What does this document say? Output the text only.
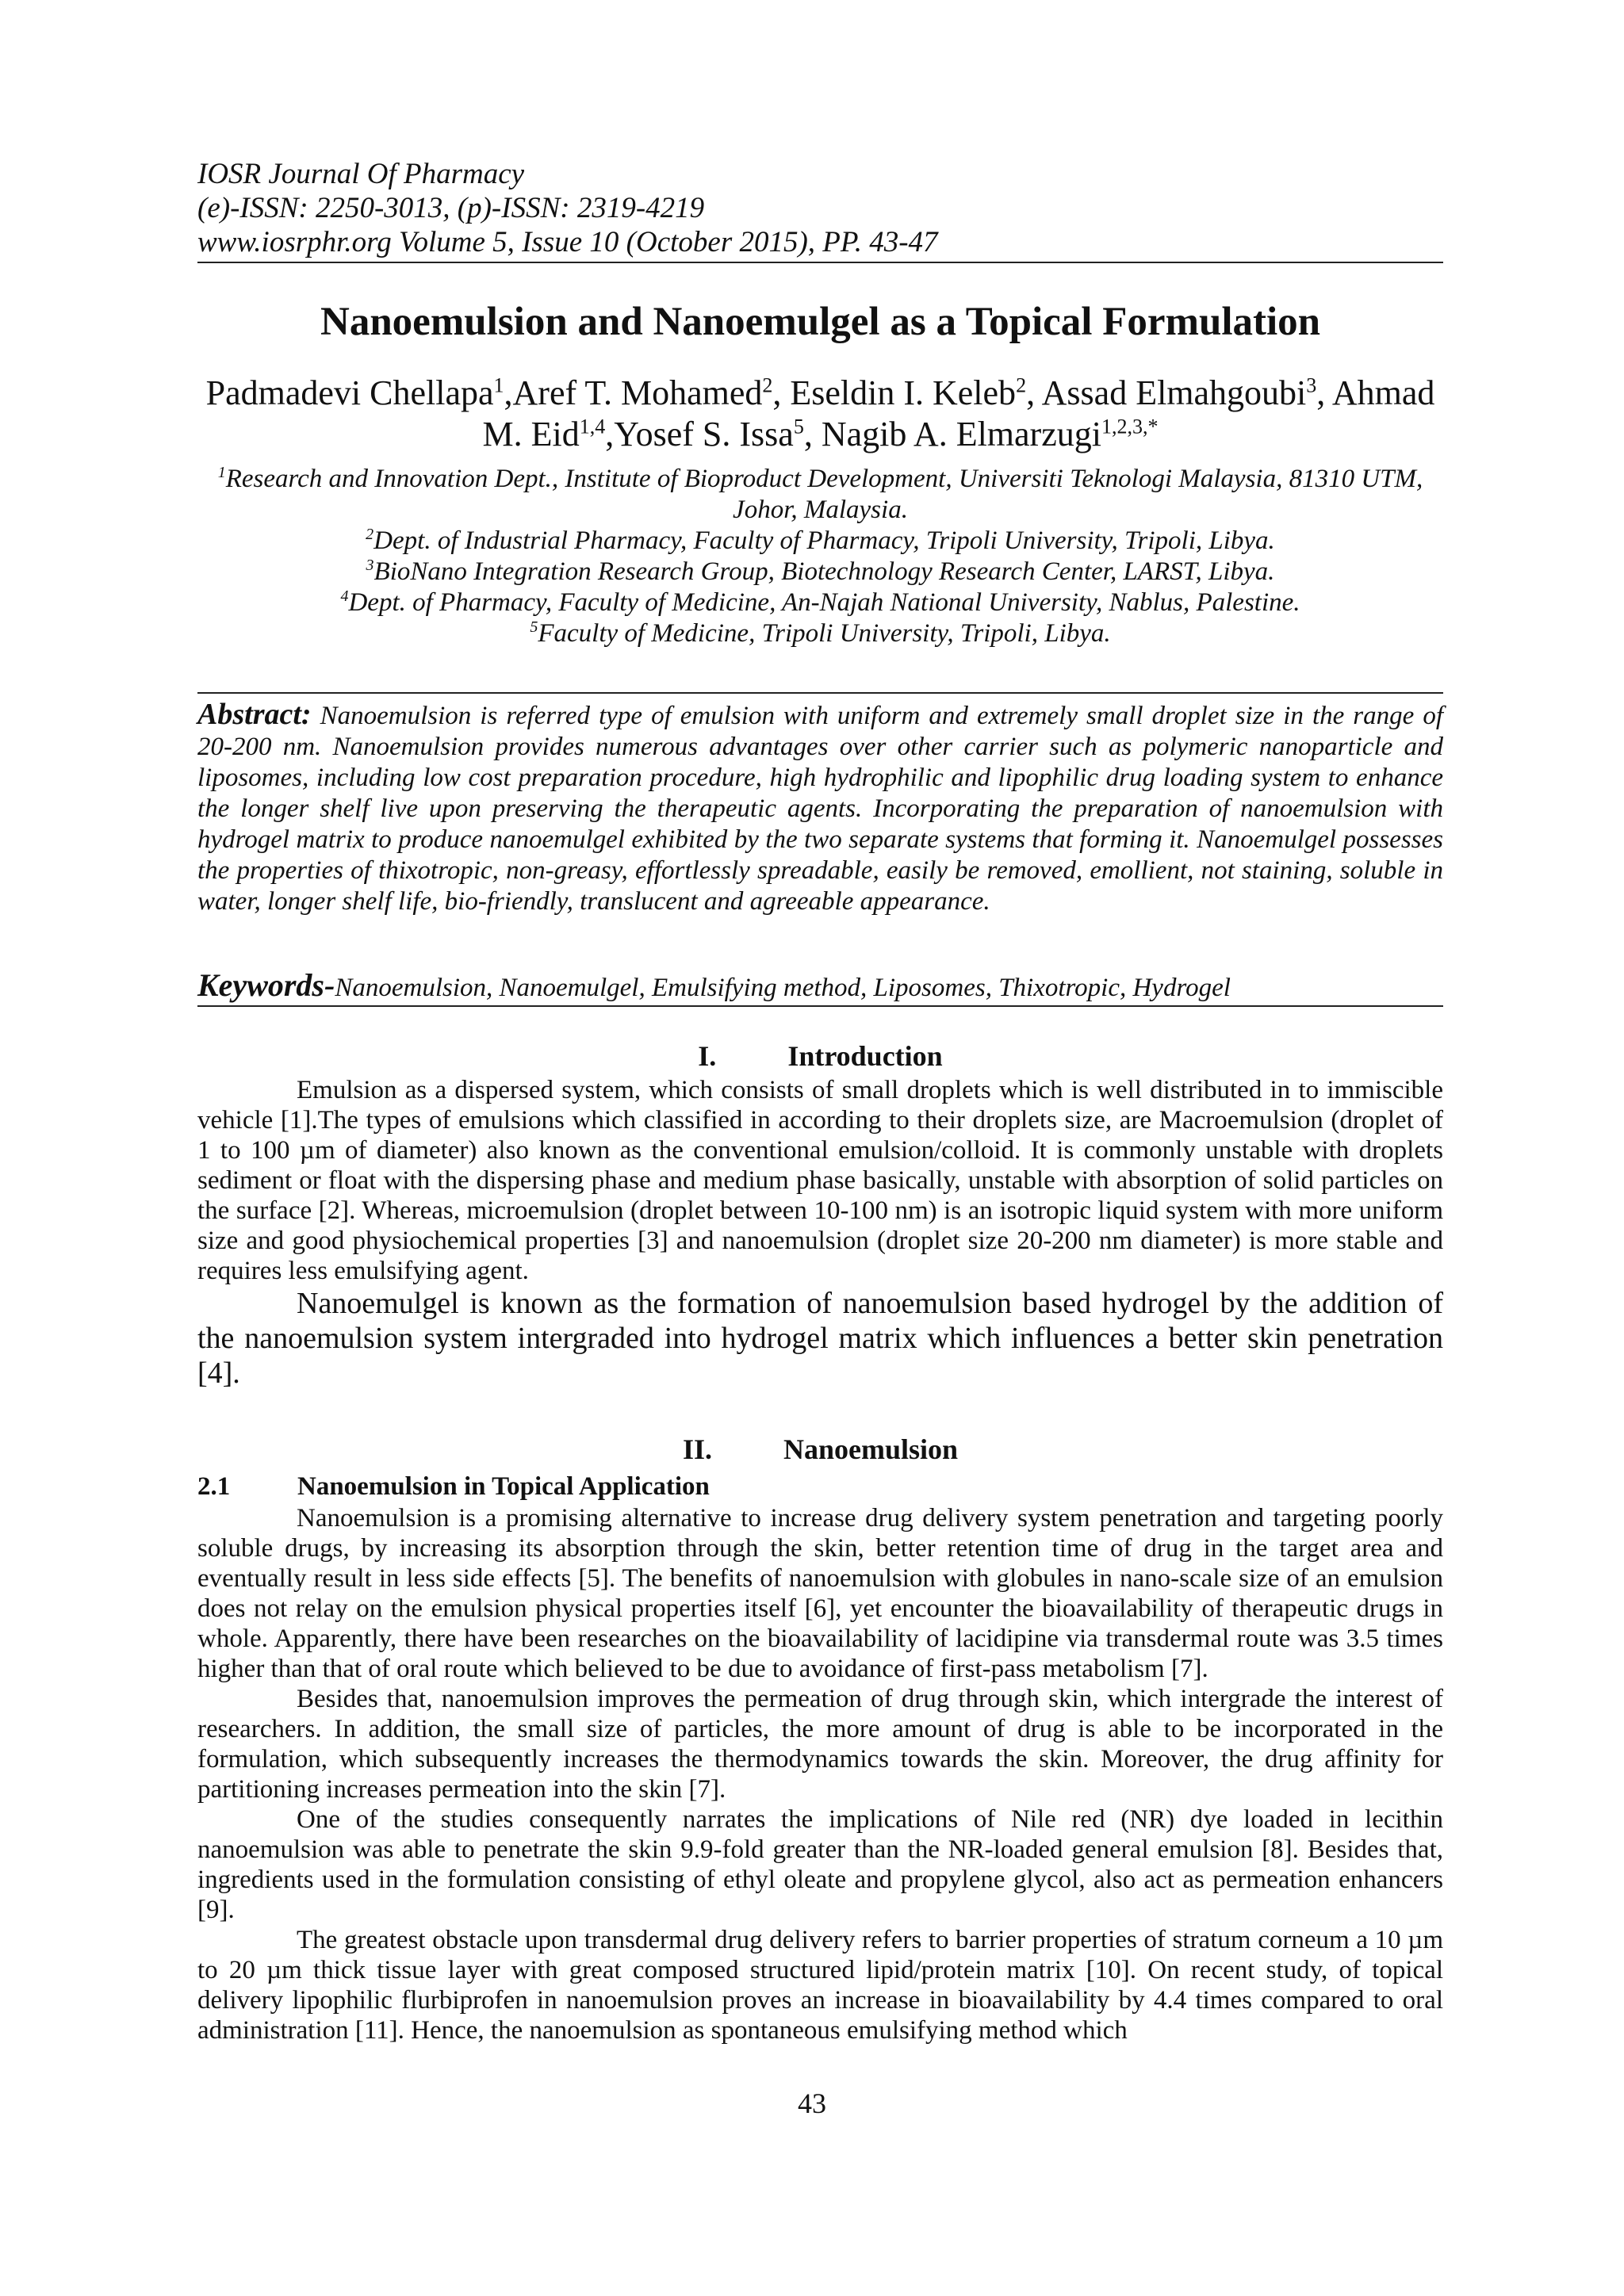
IOSR Journal Of Pharmacy
(e)-ISSN: 2250-3013, (p)-ISSN: 2319-4219
www.iosrphr.org Volume 5, Issue 10 (October 2015), PP. 43-47
Nanoemulsion and Nanoemulgel as a Topical Formulation
Padmadevi Chellapa$^1$,Aref T. Mohamed$^2$, Eseldin I. Keleb$^2$, Assad Elmahgoubi$^3$, Ahmad M. Eid$^{1,4}$,Yosef S. Issa$^5$, Nagib A. Elmarzugi$^{1,2,3,*}$

$^1$Research and Innovation Dept., Institute of Bioproduct Development, Universiti Teknologi Malaysia, 81310 UTM, Johor, Malaysia.

$^2$Dept. of Industrial Pharmacy, Faculty of Pharmacy, Tripoli University, Tripoli, Libya.

$^3$BioNano Integration Research Group, Biotechnology Research Center, LARST, Libya.

$^4$Dept. of Pharmacy, Faculty of Medicine, An-Najah National University, Nablus, Palestine.

$^5$Faculty of Medicine, Tripoli University, Tripoli, Libya.

Abstract: Nanoemulsion is referred type of emulsion with uniform and extremely small droplet size in the range of 20-200 nm. Nanoemulsion provides numerous advantages over other carrier such as polymeric nanoparticle and liposomes, including low cost preparation procedure, high hydrophilic and lipophilic drug loading system to enhance the longer shelf live upon preserving the therapeutic agents. Incorporating the preparation of nanoemulsion with hydrogel matrix to produce nanoemulgel exhibited by the two separate systems that forming it. Nanoemulgel possesses the properties of thixotropic, non-greasy, effortlessly spreadable, easily be removed, emollient, not staining, soluble in water, longer shelf life, bio-friendly, translucent and agreeable appearance.
Keywords-Nanoemulsion, Nanoemulgel, Emulsifying method, Liposomes, Thixotropic, Hydrogel
I.	Introduction

Emulsion as a dispersed system, which consists of small droplets which is well distributed in to immiscible vehicle [1].The types of emulsions which classified in according to their droplets size, are Macroemulsion (droplet of 1 to 100 µm of diameter) also known as the conventional emulsion/colloid. It is commonly unstable with droplets sediment or float with the dispersing phase and medium phase basically, unstable with absorption of solid particles on the surface [2]. Whereas, microemulsion (droplet between 10-100 nm) is an isotropic liquid system with more uniform size and good physiochemical properties [3] and nanoemulsion (droplet size 20-200 nm diameter) is more stable and requires less emulsifying agent.

Nanoemulgel is known as the formation of nanoemulsion based hydrogel by the addition of the nanoemulsion system intergraded into hydrogel matrix which influences a better skin penetration [4].

II.	Nanoemulsion
2.1	Nanoemulsion in Topical Application

Nanoemulsion is a promising alternative to increase drug delivery system penetration and targeting poorly soluble drugs, by increasing its absorption through the skin, better retention time of drug in the target area and eventually result in less side effects [5]. The benefits of nanoemulsion with globules in nano-scale size of an emulsion does not relay on the emulsion physical properties itself [6], yet encounter the bioavailability of therapeutic drugs in whole. Apparently, there have been researches on the bioavailability of lacidipine via transdermal route was 3.5 times higher than that of oral route which believed to be due to avoidance of first-pass metabolism [7].

Besides that, nanoemulsion improves the permeation of drug through skin, which intergrade the interest of researchers. In addition, the small size of particles, the more amount of drug is able to be incorporated in the formulation, which subsequently increases the thermodynamics towards the skin. Moreover, the drug affinity for partitioning increases permeation into the skin [7].

One of the studies consequently narrates the implications of Nile red (NR) dye loaded in lecithin nanoemulsion was able to penetrate the skin 9.9-fold greater than the NR-loaded general emulsion [8]. Besides that, ingredients used in the formulation consisting of ethyl oleate and propylene glycol, also act as permeation enhancers [9].

The greatest obstacle upon transdermal drug delivery refers to barrier properties of stratum corneum a 10 µm to 20 µm thick tissue layer with great composed structured lipid/protein matrix [10]. On recent study, of topical delivery lipophilic flurbiprofen in nanoemulsion proves an increase in bioavailability by 4.4 times compared to oral administration [11]. Hence, the nanoemulsion as spontaneous emulsifying method which

43
